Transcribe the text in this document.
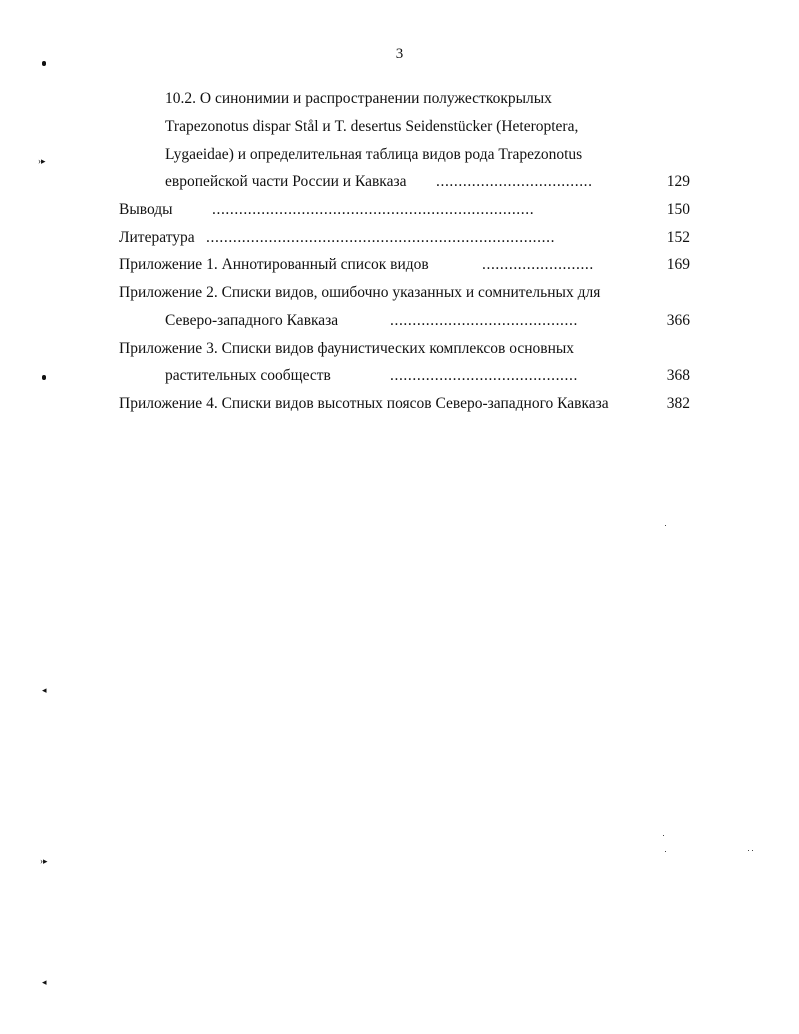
3
10.2. О синонимии и распространении полужесткокрылых
Trapezonotus dispar Stål и T. desertus Seidenstücker (Heteroptera,
Lygaeidae) и определительная таблица видов рода Trapezonotus
европейской части России и Кавказа ...................................	129
Выводы	........................................................................	150
Литература ..............................................................................	152
Приложение 1. Аннотированный список видов	.........................	169
Приложение 2. Списки видов, ошибочно указанных и сомнительных для
Северо-западного Кавказа	..........................................	366
Приложение 3. Списки видов фаунистических комплексов основных
растительных сообществ	..........................................	368
Приложение 4. Списки видов высотных поясов Северо-западного Кавказа	382
›▸
◂
›▸
◂
